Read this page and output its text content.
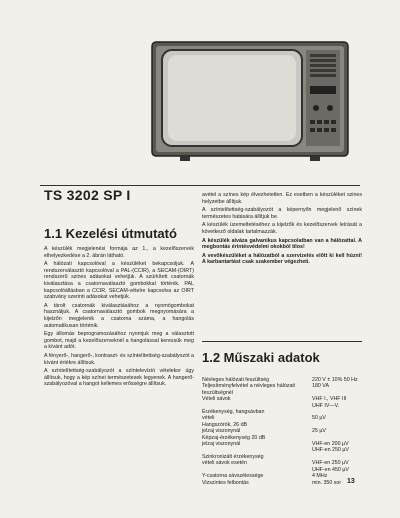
TS 3202 SP I
1.1 Kezelési útmutató

A készülék megjelenési formája az 1., a kezelőszervek elhelyezkedése a 2. ábrán látható.

A hálózati kapcsolóval a készüléket bekapcsoljuk. A rendszerválasztó kapcsolóval a PAL-(CCIR), a SECAM-(OIRT) rendszerű szines adásokat vehetjük. A szürkített csatornák kiválasztása a csatornaválasztó gombokkal történik. PAL kapcsolóállásban a CCIR, SECAM-vételre kapcsolva az OIRT szabvány szerinti adásokat vehetjük.

A tárolt csatornák kiválasztásához a nyomógombokat használjuk. A csatornaválasztó gombok megnyomására a kijelzőn megjelenik a csatorna száma, a hangolás automatikusan történik.

Egy állomás beprogramozásához nyomjuk meg a választott gombot, majd a kezelőszerveknél a hangolással keressük meg a kívánt adót.

A fényerő-, hangerő-, kontraszt- és színtelítettség-szabályozót a kívánt értékre állítsuk.

A színtelítettség-szabályozót a színtelevízió vételekor úgy állítsuk, hogy a kép színei természetesek legyenek. A hangerő-szabályozóval a hangot kellemes erősségre állítsuk.

avétel a színes kép élvezhetetlen. Ez esetben a készüléket szines helyzetbe állítjuk.

A színtelítettség-szabályozót a képernyőn megjelenő színek természetes hatására állítjuk be.

A készülék üzemeltetéséhez a kijelzők és kezelőszervek leírását a következő oldalak tartalmazzák.

A készülék alváza galvanikus kapcsolatban van a hálózattal. A megbontás érintésvédelmi okokból tilos!

A vevőkészüléket a hálózatból a szervizelés előtt ki kell húzni! A karbantartást csak szakember végezheti.

1.2 Műszaki adatok
Névleges hálózati feszültség	220 V ± 10% 50 Hz
Teljesítményfelvétel a névleges hálózati feszültségnél
180 VA
Vételi sávok	VHF I., VHF III
UHF IV—V.
Érzékenység, hangsávban
vételi	50 µV
Hangszórók, 26 dB
jelzaj viszonynál	25 µV
Képzaj-érzékenység 20 dB
jelzaj viszonynál	VHF-en 200 µV
UHF-en 250 µV
Szinkronizált érzékenység
vételi sávok esetén	VHF-en 250 µV
UHF-en 450 µV
Y-csatorna sávszélessége	4 MHz
Vizszintes felbontás	min. 350 sor 13
